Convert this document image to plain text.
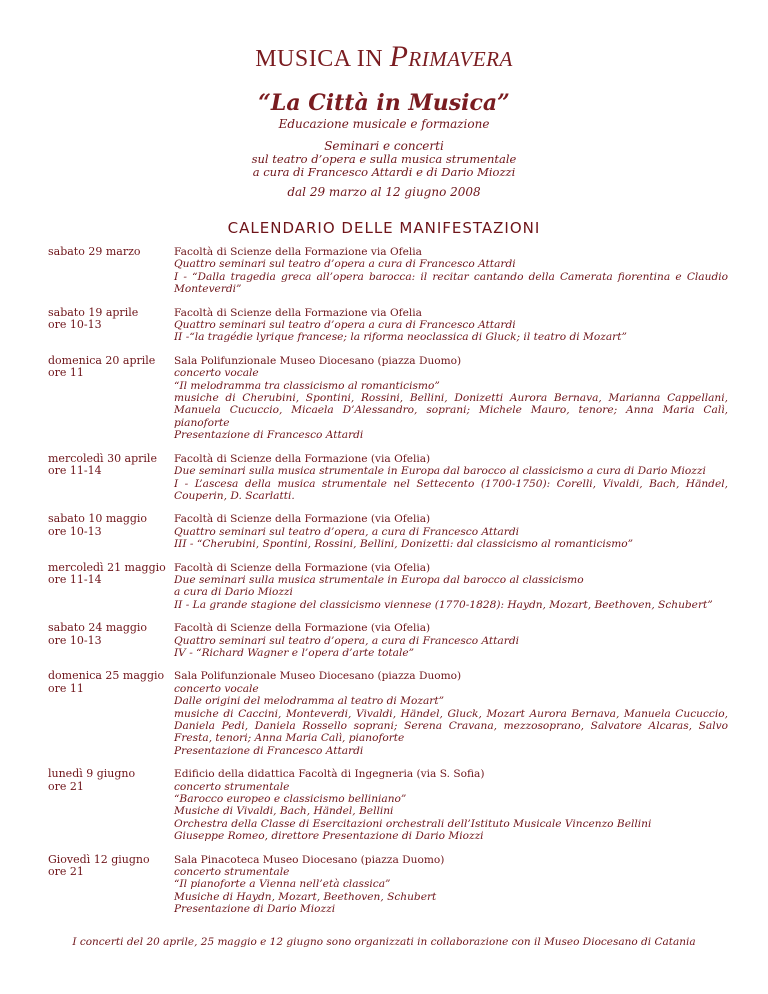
MUSICA IN PRIMAVERA
“La Città in Musica”
Educazione musicale e formazione
Seminari e concerti
sul teatro d’opera e sulla musica strumentale
a cura di Francesco Attardi e di Dario Miozzi
dal 29 marzo al 12 giugno 2008
CALENDARIO DELLE MANIFESTAZIONI
sabato 29 marzo	Facoltà di Scienze della Formazione via Ofelia
Quattro seminari sul teatro d’opera a cura di Francesco Attardi
I - “Dalla tragedia greca all’opera barocca: il recitar cantando della Camerata fiorentina e Claudio Monteverdi”
sabato 19 aprile
ore 10-13
Facoltà di Scienze della Formazione via Ofelia
Quattro seminari sul teatro d’opera a cura di Francesco Attardi
II -“la tragédie lyrique francese; la riforma neoclassica di Gluck; il teatro di Mozart”
domenica 20 aprile
ore 11
Sala Polifunzionale Museo Diocesano (piazza Duomo)
concerto vocale
“Il melodramma tra classicismo al romanticismo”
musiche di Cherubini, Spontini, Rossini, Bellini, Donizetti Aurora Bernava, Marianna Cappellani, Manuela Cucuccio, Micaela D’Alessandro, soprani; Michele Mauro, tenore; Anna Maria Calì, pianoforte
Presentazione di Francesco Attardi
mercoledì 30 aprile
ore 11-14
Facoltà di Scienze della Formazione (via Ofelia)
Due seminari sulla musica strumentale in Europa dal barocco al classicismo a cura di Dario Miozzi
I - L’ascesa della musica strumentale nel Settecento (1700-1750): Corelli, Vivaldi, Bach, Händel, Couperin, D. Scarlatti.
sabato 10 maggio
ore 10-13
Facoltà di Scienze della Formazione (via Ofelia)
Quattro seminari sul teatro d’opera, a cura di Francesco Attardi
III - “Cherubini, Spontini, Rossini, Bellini, Donizetti: dal classicismo al romanticismo”
mercoledì 21 maggio
ore 11-14
Facoltà di Scienze della Formazione (via Ofelia)
Due seminari sulla musica strumentale in Europa dal barocco al classicismo
a cura di Dario Miozzi
II - La grande stagione del classicismo viennese (1770-1828): Haydn, Mozart, Beethoven, Schubert”
sabato 24 maggio
ore 10-13
Facoltà di Scienze della Formazione (via Ofelia)
Quattro seminari sul teatro d’opera, a cura di Francesco Attardi
IV - “Richard Wagner e l’opera d’arte totale”
domenica 25 maggio
ore 11
Sala Polifunzionale Museo Diocesano (piazza Duomo)
concerto vocale
Dalle origini del melodramma al teatro di Mozart”
musiche di Caccini, Monteverdi, Vivaldi, Händel, Gluck, Mozart Aurora Bernava, Manuela Cucuccio, Daniela Pedi, Daniela Rossello soprani; Serena Cravana, mezzosoprano, Salvatore Alcaras, Salvo Fresta, tenori; Anna Maria Calì, pianoforte
Presentazione di Francesco Attardi
lunedì 9 giugno
ore 21
Edificio della didattica Facoltà di Ingegneria (via S. Sofia)
concerto strumentale
“Barocco europeo e classicismo belliniano”
Musiche di Vivaldi, Bach, Händel, Bellini
Orchestra della Classe di Esercitazioni orchestrali dell’Istituto Musicale Vincenzo Bellini
Giuseppe Romeo, direttore Presentazione di Dario Miozzi
Giovedì 12 giugno
ore 21
Sala Pinacoteca Museo Diocesano (piazza Duomo)
concerto strumentale
“Il pianoforte a Vienna nell’età classica”
Musiche di Haydn, Mozart, Beethoven, Schubert
Presentazione di Dario Miozzi
I concerti del 20 aprile, 25 maggio e 12 giugno sono organizzati in collaborazione con il Museo Diocesano di Catania
